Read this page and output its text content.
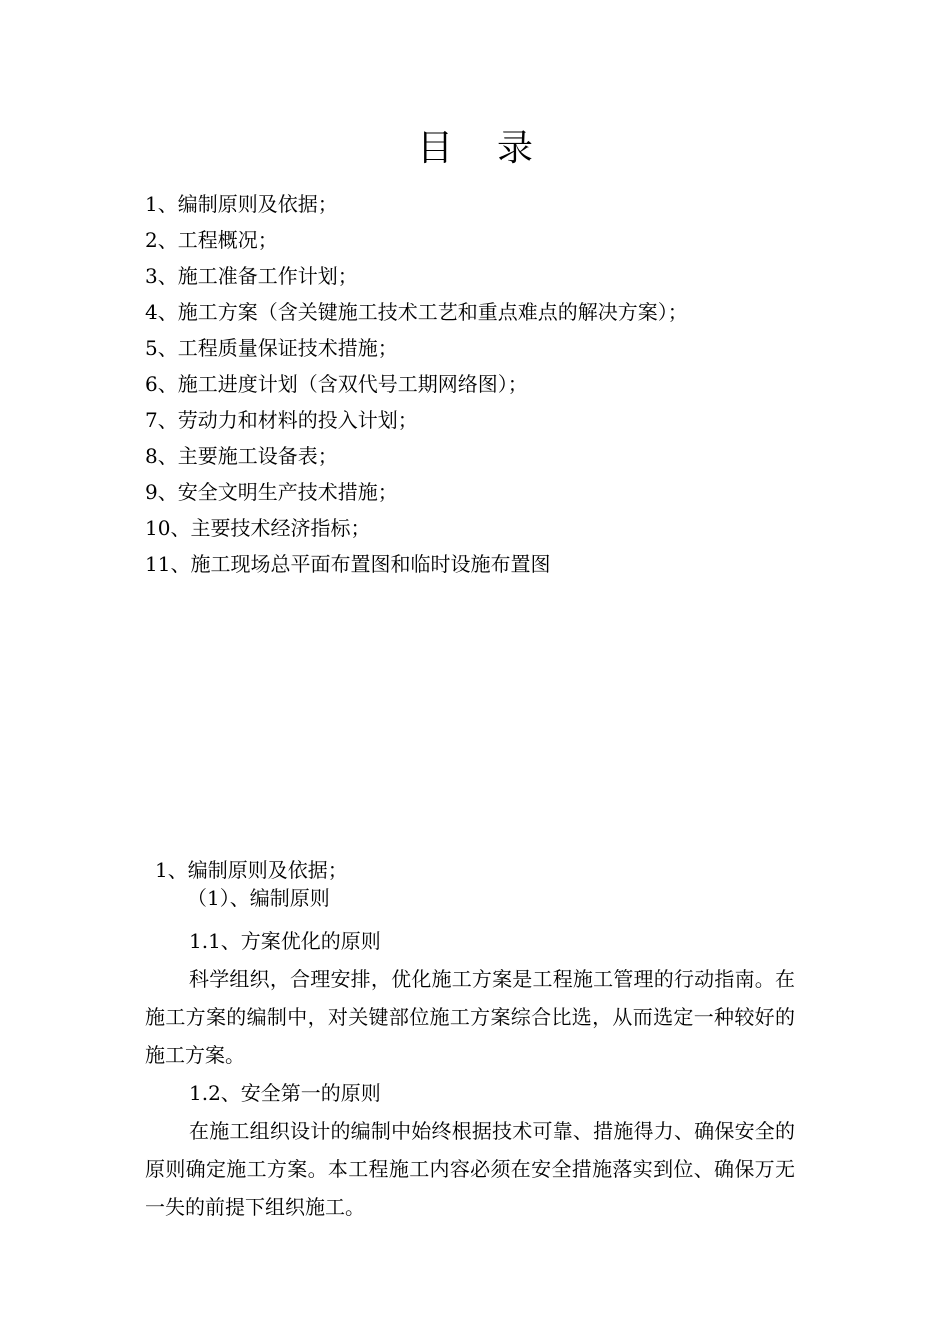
目录
1、编制原则及依据；
2、工程概况；
3、施工准备工作计划；
4、施工方案（含关键施工技术工艺和重点难点的解决方案）；
5、工程质量保证技术措施；
6、施工进度计划（含双代号工期网络图）；
7、劳动力和材料的投入计划；
8、主要施工设备表；
9、安全文明生产技术措施；
10、主要技术经济指标；
11、施工现场总平面布置图和临时设施布置图
1、编制原则及依据；
（1）、编制原则
1.1、方案优化的原则

科学组织，合理安排，优化施工方案是工程施工管理的行动指南。在施工方案的编制中，对关键部位施工方案综合比选，从而选定一种较好的施工方案。

1.2、安全第一的原则

在施工组织设计的编制中始终根据技术可靠、措施得力、确保安全的原则确定施工方案。本工程施工内容必须在安全措施落实到位、确保万无一失的前提下组织施工。
